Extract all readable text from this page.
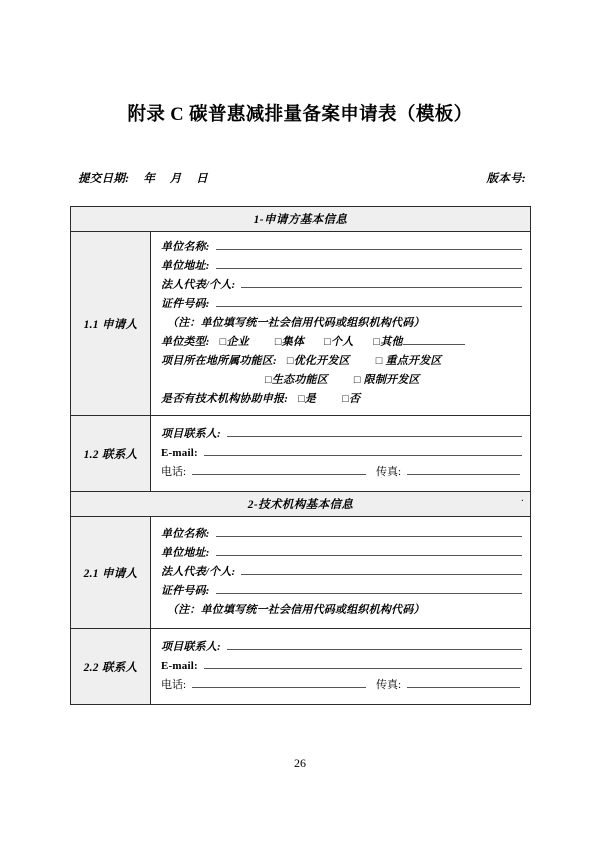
附录 C 碳普惠减排量备案申请表（模板）
提交日期: 年 月 日	版本号:
1-申请方基本信息	
1.1 申请人	
单位名称:
单位地址:
法人代表/个人:
证件号码:
（注：单位填写统一社会信用代码或组织机构代码）
单位类型: □企业 □集体 □个人 □其他
项目所在地所属功能区: □优化开发区 □ 重点开发区
□生态功能区 □ 限制开发区
是否有技术机构协助申报: □是 □否

1.2 联系人	项目联系人:
E-mail:
电话: 传真:

2-技术机构基本信息	
2.1 申请人	单位名称:
单位地址:
法人代表/个人:
证件号码:
（注：单位填写统一社会信用代码或组织机构代码）

2.2 联系人	项目联系人:
E-mail:
电话: 传真:
.
26
